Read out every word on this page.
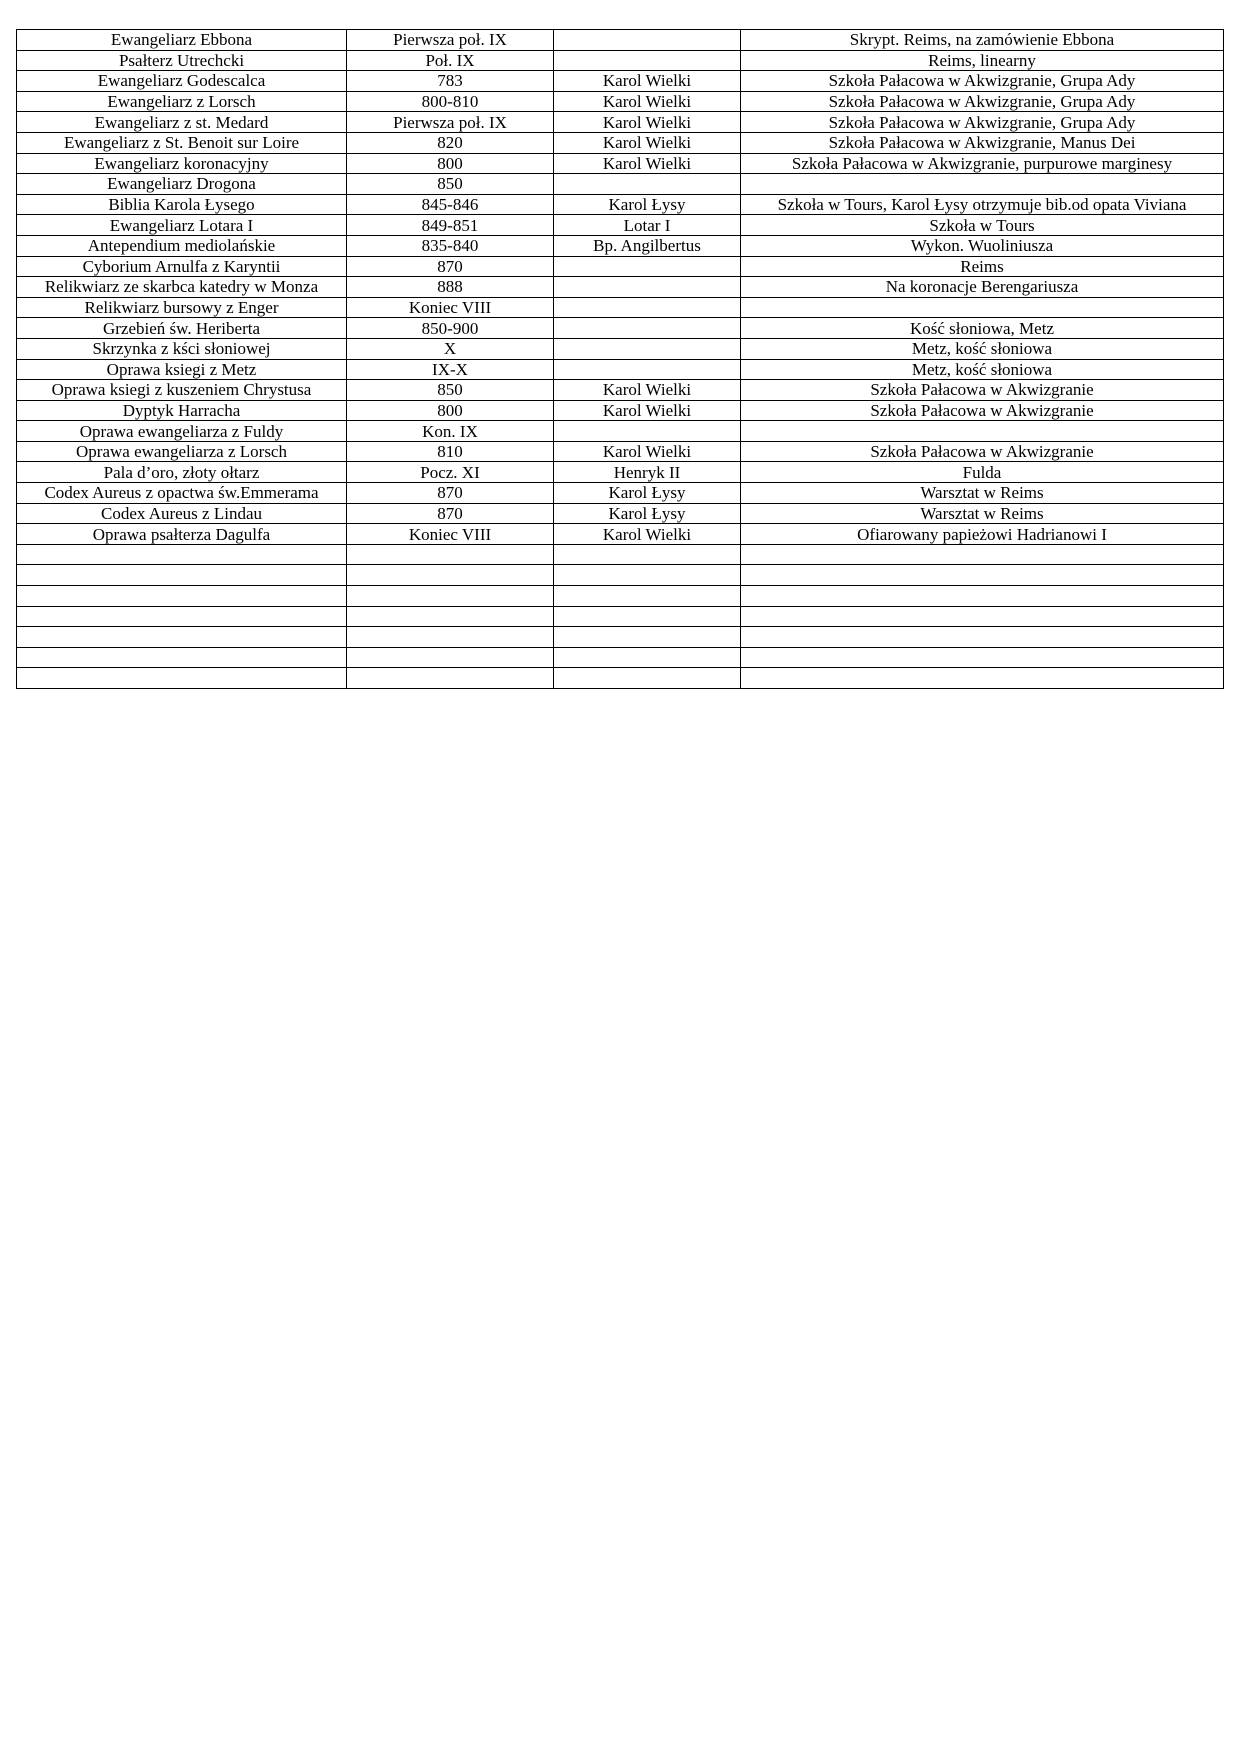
Ewangeliarz Ebbona	Pierwsza poł. IX		Skrypt. Reims, na zamówienie Ebbona
Psałterz Utrechcki	Poł. IX		Reims, linearny
Ewangeliarz Godescalca	783	Karol Wielki	Szkoła Pałacowa w Akwizgranie, Grupa Ady
Ewangeliarz z Lorsch	800-810	Karol Wielki	Szkoła Pałacowa w Akwizgranie, Grupa Ady
Ewangeliarz z st. Medard	Pierwsza poł. IX	Karol Wielki	Szkoła Pałacowa w Akwizgranie, Grupa Ady
Ewangeliarz z St. Benoit sur Loire	820	Karol Wielki	Szkoła Pałacowa w Akwizgranie, Manus Dei
Ewangeliarz koronacyjny	800	Karol Wielki	Szkoła Pałacowa w Akwizgranie, purpurowe marginesy
Ewangeliarz Drogona	850		
Biblia Karola Łysego	845-846	Karol Łysy	Szkoła w Tours, Karol Łysy otrzymuje bib.od opata Viviana
Ewangeliarz Lotara I	849-851	Lotar I	Szkoła w Tours
Antependium mediolańskie	835-840	Bp. Angilbertus	Wykon. Wuoliniusza
Cyborium Arnulfa z Karyntii	870		Reims
Relikwiarz ze skarbca katedry w Monza	888		Na koronacje Berengariusza
Relikwiarz bursowy z Enger	Koniec VIII		
Grzebień św. Heriberta	850-900		Kość słoniowa, Metz
Skrzynka z kści słoniowej	X		Metz, kość słoniowa
Oprawa ksiegi z Metz	IX-X		Metz, kość słoniowa
Oprawa ksiegi z kuszeniem Chrystusa	850	Karol Wielki	Szkoła Pałacowa w Akwizgranie
Dyptyk Harracha	800	Karol Wielki	Szkoła Pałacowa w Akwizgranie
Oprawa ewangeliarza z Fuldy	Kon. IX		
Oprawa ewangeliarza z Lorsch	810	Karol Wielki	Szkoła Pałacowa w Akwizgranie
Pala d’oro, złoty ołtarz	Pocz. XI	Henryk II	Fulda
Codex Aureus z opactwa św.Emmerama	870	Karol Łysy	Warsztat w Reims
Codex Aureus z Lindau	870	Karol Łysy	Warsztat w Reims
Oprawa psałterza Dagulfa	Koniec VIII	Karol Wielki	Ofiarowany papieżowi Hadrianowi I
